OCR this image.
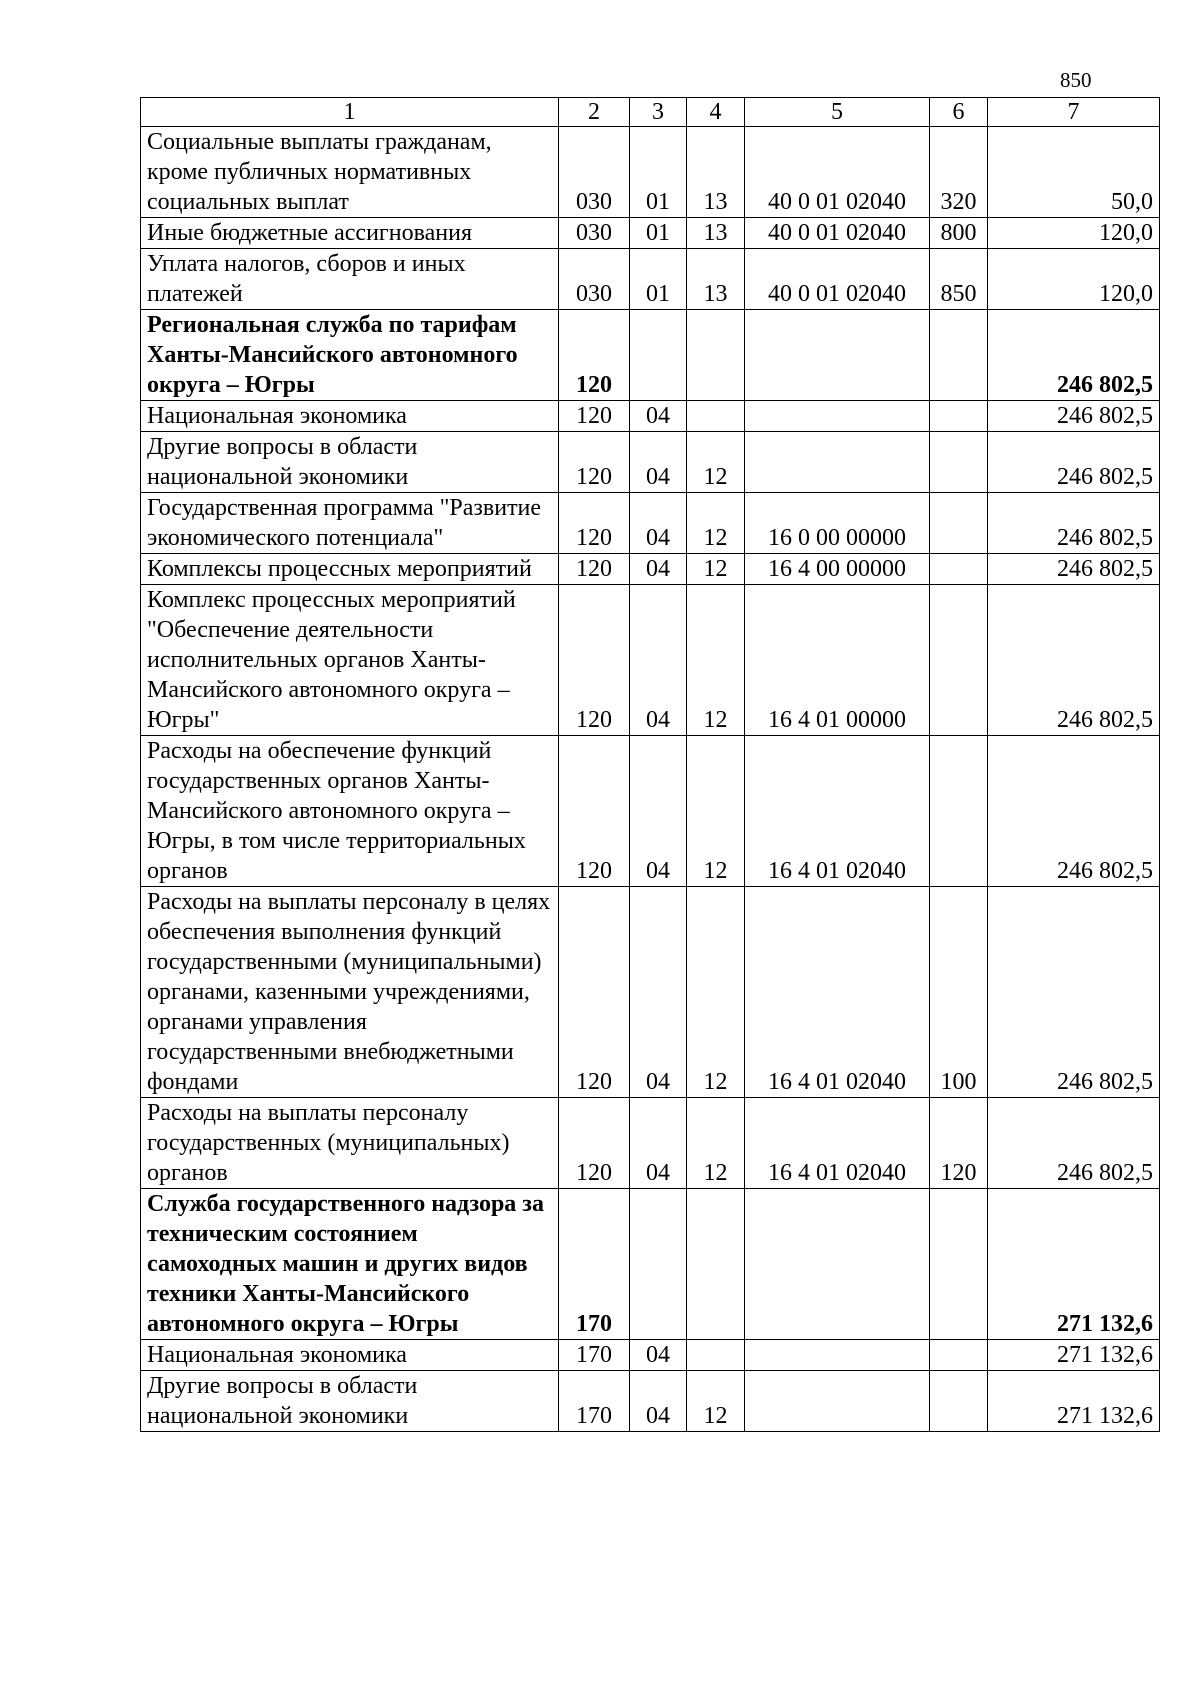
850
1	2	3	4	5	6	7
Социальные выплаты гражданам, кроме публичных нормативных социальных выплат	030	01	13	40 0 01 02040	320	50,0
Иные бюджетные ассигнования	030	01	13	40 0 01 02040	800	120,0
Уплата налогов, сборов и иных платежей	030	01	13	40 0 01 02040	850	120,0
Региональная служба по тарифам Ханты-Мансийского автономного округа – Югры	120					246 802,5
Национальная экономика	120	04				246 802,5
Другие вопросы в области национальной экономики	120	04	12			246 802,5
Государственная программа "Развитие экономического потенциала"	120	04	12	16 0 00 00000		246 802,5
Комплексы процессных мероприятий	120	04	12	16 4 00 00000		246 802,5
Комплекс процессных мероприятий "Обеспечение деятельности исполнительных органов Ханты-Мансийского автономного округа – Югры"	120	04	12	16 4 01 00000		246 802,5
Расходы на обеспечение функций государственных органов Ханты-Мансийского автономного округа – Югры, в том числе территориальных органов	120	04	12	16 4 01 02040		246 802,5
Расходы на выплаты персоналу в целях обеспечения выполнения функций государственными (муниципальными) органами, казенными учреждениями, органами управления государственными внебюджетными фондами	120	04	12	16 4 01 02040	100	246 802,5
Расходы на выплаты персоналу государственных (муниципальных) органов	120	04	12	16 4 01 02040	120	246 802,5
Служба государственного надзора за техническим состоянием самоходных машин и других видов техники Ханты-Мансийского автономного округа – Югры	170					271 132,6
Национальная экономика	170	04				271 132,6
Другие вопросы в области национальной экономики	170	04	12			271 132,6
